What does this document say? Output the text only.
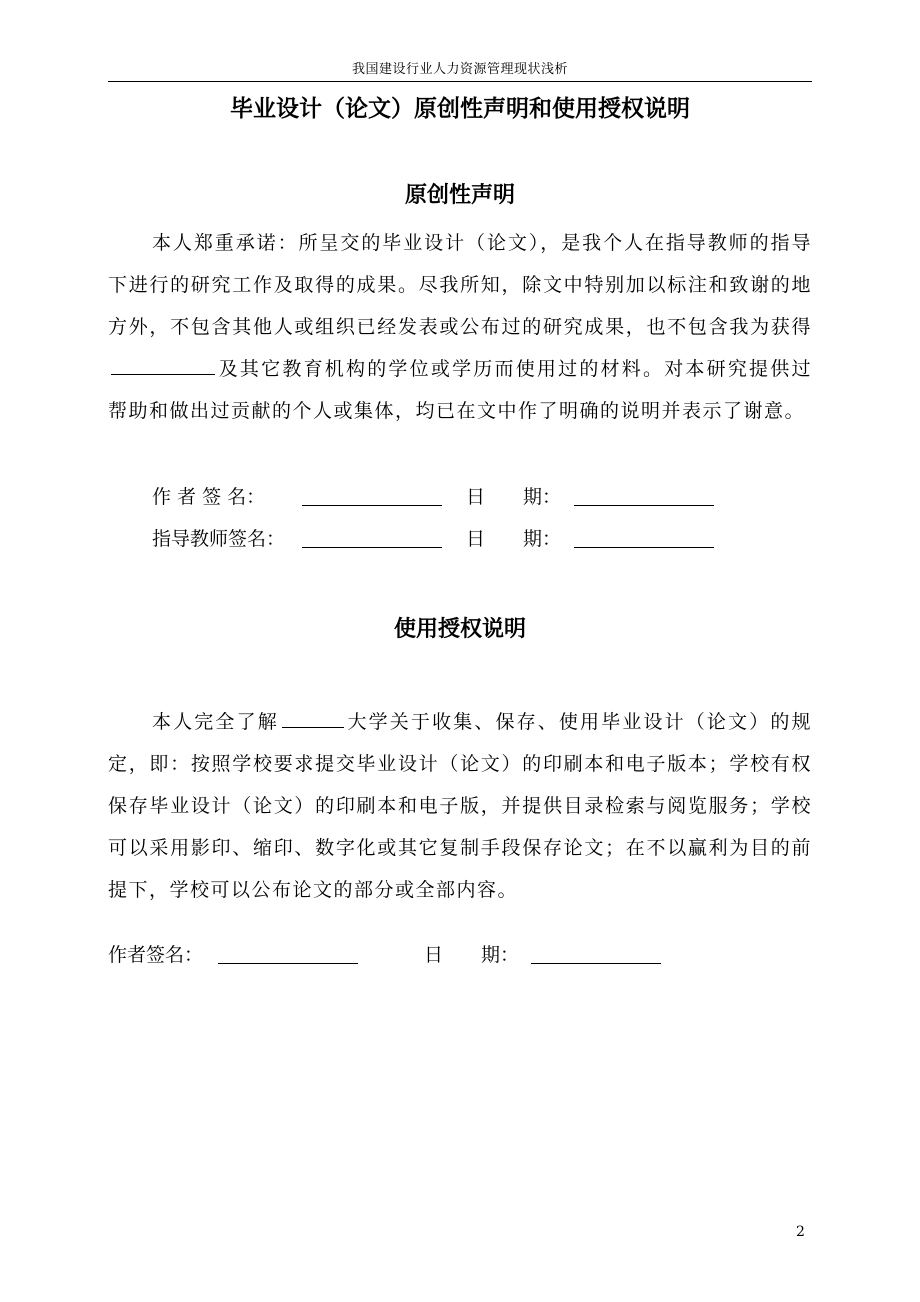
我国建设行业人力资源管理现状浅析
毕业设计（论文）原创性声明和使用授权说明
原创性声明

本人郑重承诺：所呈交的毕业设计（论文），是我个人在指导教师的指导下进行的研究工作及取得的成果。尽我所知，除文中特别加以标注和致谢的地方外，不包含其他人或组织已经发表或公布过的研究成果，也不包含我为获得及其它教育机构的学位或学历而使用过的材料。对本研究提供过帮助和做出过贡献的个人或集体，均已在文中作了明确的说明并表示了谢意。

作 者 签 名：	日　　期：
指导教师签名：	日　　期：
使用授权说明

本人完全了解	大学关于收集、保存、使用毕业设计（论文）的规定，即：按照学校要求提交毕业设计（论文）的印刷本和电子版本；学校有权保存毕业设计（论文）的印刷本和电子版，并提供目录检索与阅览服务；学校可以采用影印、缩印、数字化或其它复制手段保存论文；在不以赢利为目的前提下，学校可以公布论文的部分或全部内容。

作者签名：	日　　期：
2
